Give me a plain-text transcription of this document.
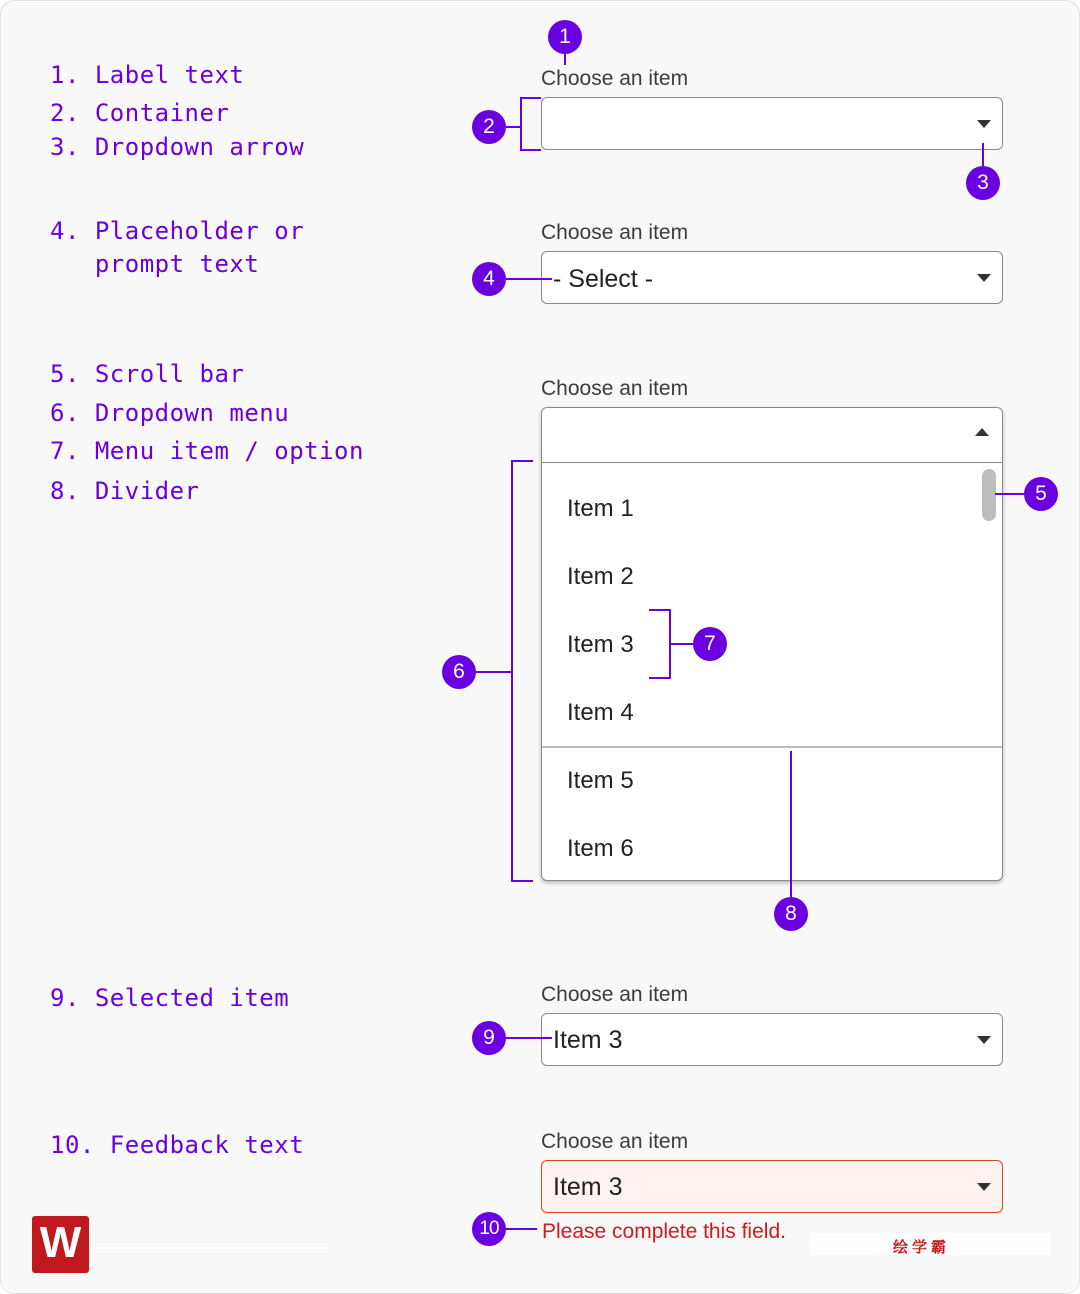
1. Label text

2. Container

3. Dropdown arrow

4. Placeholder or
prompt text

5. Scroll bar

6. Dropdown menu

7. Menu item / option

8. Divider

9. Selected item

10. Feedback text

Choose an item

1

2

3

Choose an item

- Select -

4

Choose an item

Item 1
Item 2
Item 3
Item 4
Item 5
Item 6

5

6

7

8

Choose an item

Item 3

9

Choose an item

Item 3

Please complete this field.

10

W	绘学霸
